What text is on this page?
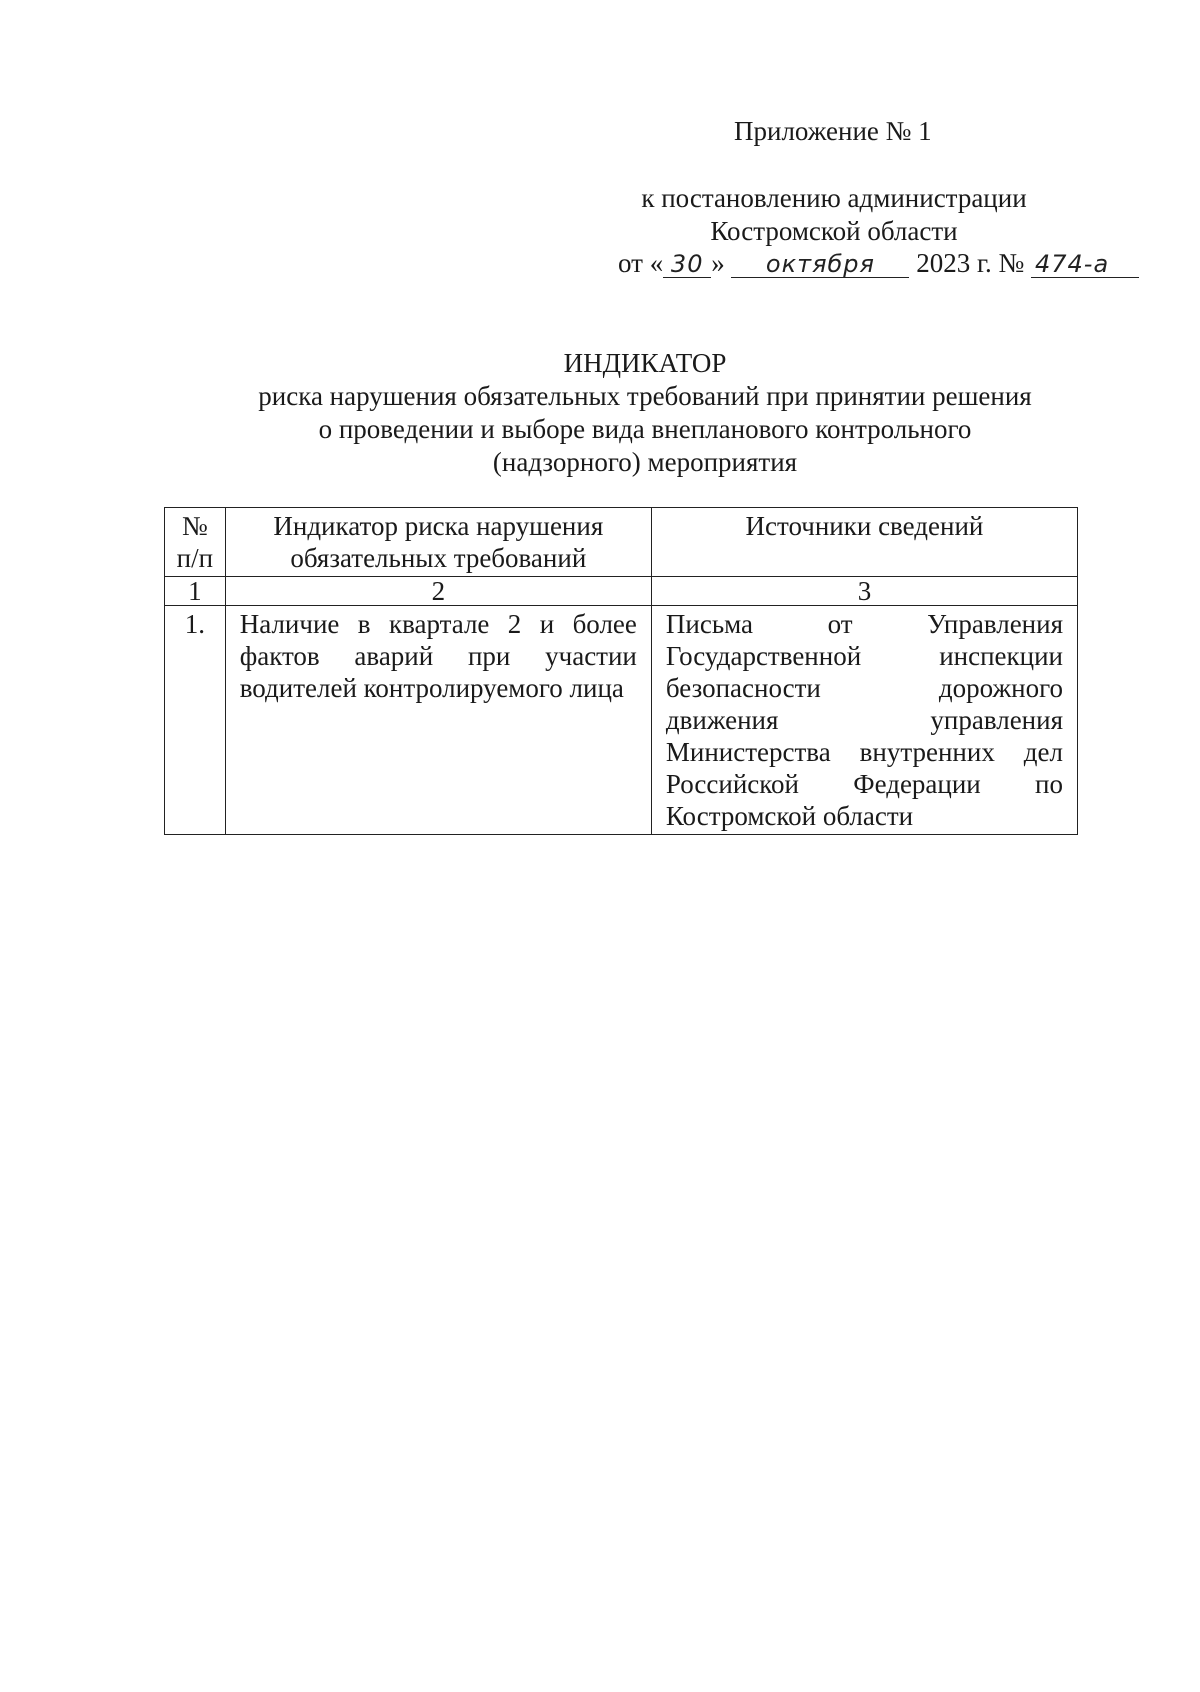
Приложение № 1
к постановлению администрации
Костромской области
от « 30 » октября 2023 г. № 474-а
ИНДИКАТОР
риска нарушения обязательных требований при принятии решения
о проведении и выборе вида внепланового контрольного
(надзорного) мероприятия
№ п/п	Индикатор риска нарушения обязательных требований	Источники сведений
1	2	3
1.	Наличие в квартале 2 и более фактов аварий при участии водителей контролируемого лица	Письма от Управления Государственной инспекции безопасности дорожного движения управления Министерства внутренних дел Российской Федерации по Костромской области
